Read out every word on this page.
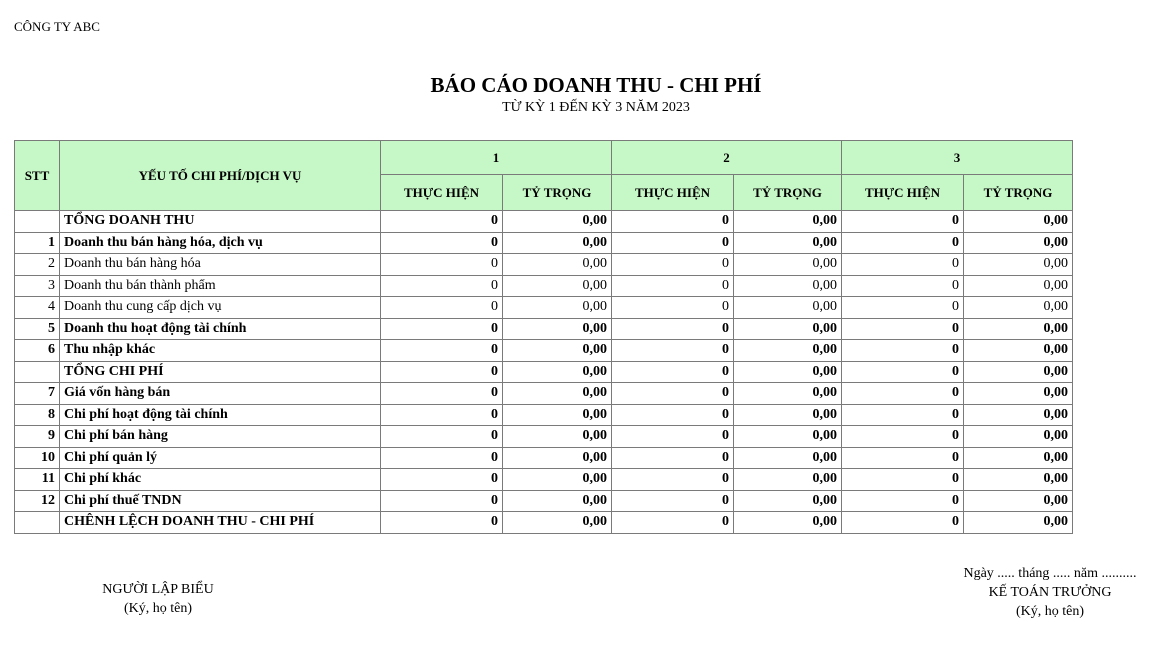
CÔNG TY ABC
BÁO CÁO DOANH THU - CHI PHÍ
TỪ KỲ 1 ĐẾN KỲ 3 NĂM 2023
STT	YẾU TỐ CHI PHÍ/DỊCH VỤ	1		2		3	
		THỰC HIỆN	TỶ TRỌNG	THỰC HIỆN	TỶ TRỌNG	THỰC HIỆN	TỶ TRỌNG
	TỔNG DOANH THU	0	0,00	0	0,00	0	0,00
1	Doanh thu bán hàng hóa, dịch vụ	0	0,00	0	0,00	0	0,00
2	Doanh thu bán hàng hóa	0	0,00	0	0,00	0	0,00
3	Doanh thu bán thành phẩm	0	0,00	0	0,00	0	0,00
4	Doanh thu cung cấp dịch vụ	0	0,00	0	0,00	0	0,00
5	Doanh thu hoạt động tài chính	0	0,00	0	0,00	0	0,00
6	Thu nhập khác	0	0,00	0	0,00	0	0,00
	TỔNG CHI PHÍ	0	0,00	0	0,00	0	0,00
7	Giá vốn hàng bán	0	0,00	0	0,00	0	0,00
8	Chi phí hoạt động tài chính	0	0,00	0	0,00	0	0,00
9	Chi phí bán hàng	0	0,00	0	0,00	0	0,00
10	Chi phí quản lý	0	0,00	0	0,00	0	0,00
11	Chi phí khác	0	0,00	0	0,00	0	0,00
12	Chi phí thuế TNDN	0	0,00	0	0,00	0	0,00
	CHÊNH LỆCH DOANH THU - CHI PHÍ	0	0,00	0	0,00	0	0,00
NGƯỜI LẬP BIỂU
(Ký, họ tên)
Ngày ..... tháng ..... năm ..........
KẾ TOÁN TRƯỞNG
(Ký, họ tên)
